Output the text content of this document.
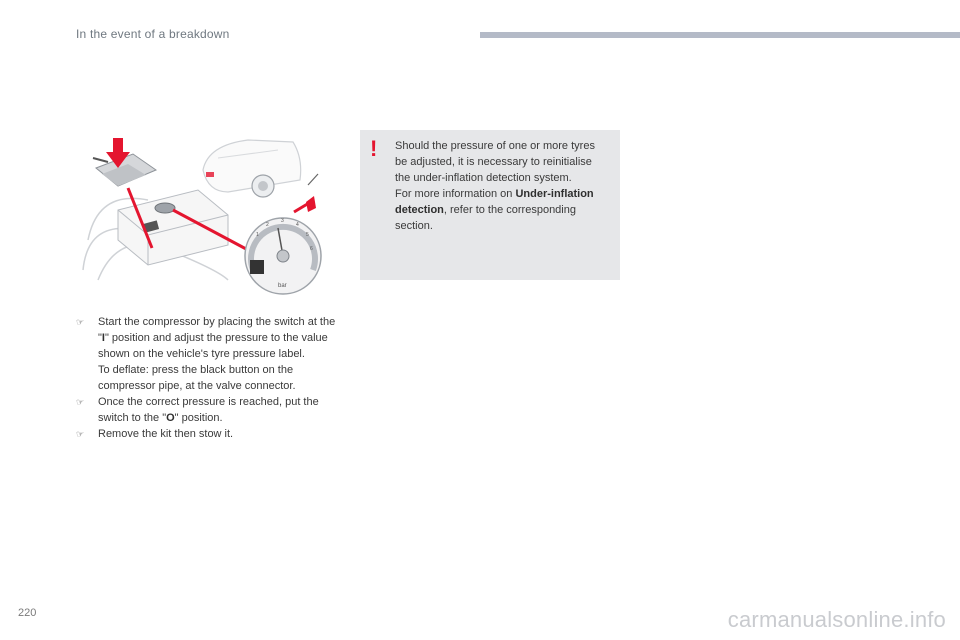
In the event of a breakdown
1
2
3
4
5
6
bar
! Should the pressure of one or more tyres be adjusted, it is necessary to reinitialise the under-inflation detection system.

For more information on Under-inflation detection, refer to the corresponding section.

☞ Start the compressor by placing the switch at the "I" position and adjust the pressure to the value shown on the vehicle's tyre pressure label.

To deflate: press the black button on the compressor pipe, at the valve connector.

☞ Once the correct pressure is reached, put the switch to the "O" position.

☞ Remove the kit then stow it.

220	carmanualsonline.info
